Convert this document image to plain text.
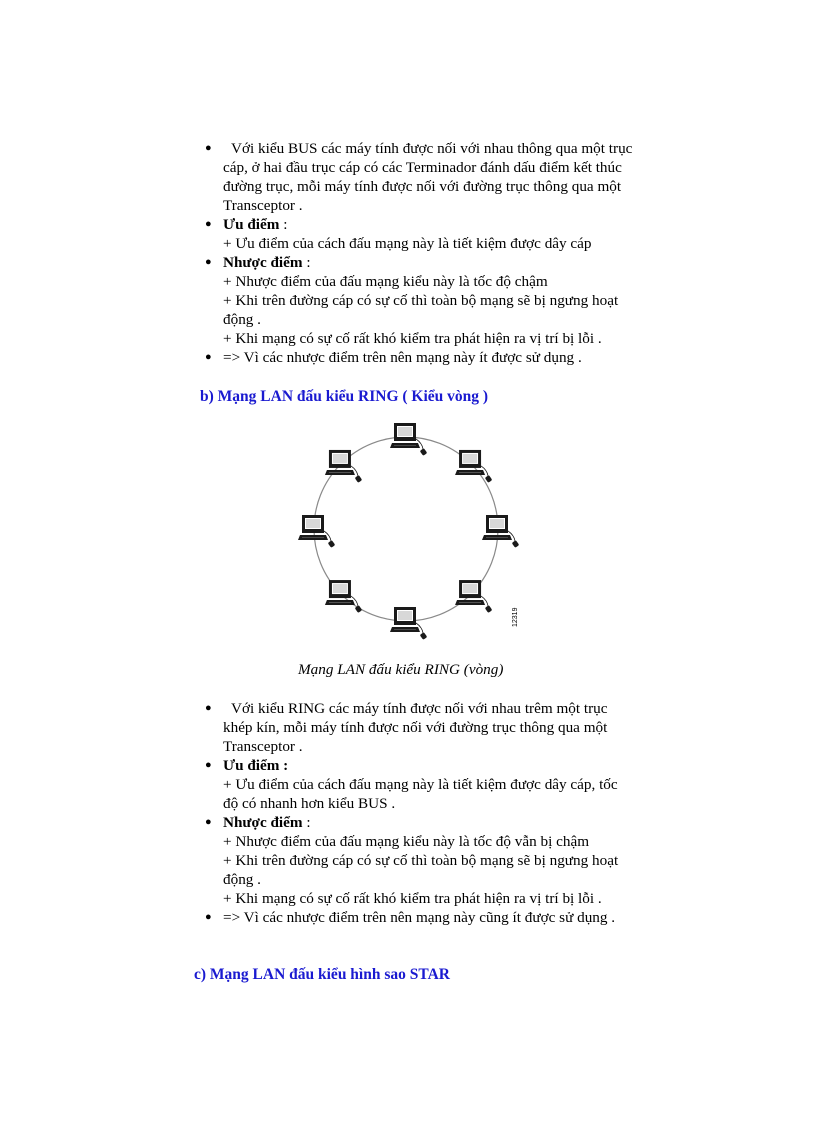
● Với kiểu BUS các máy tính được nối với nhau thông qua một trục cáp, ở hai đầu trục cáp có các Terminador đánh dấu điểm kết thúc đường trục, mỗi máy tính được nối với đường trục thông qua một Transceptor .
● Ưu điểm :
+ Ưu điểm của cách đấu mạng này là tiết kiệm được dây cáp
● Nhược điểm :
+ Nhược điểm của đấu mạng kiểu này là tốc độ chậm
+ Khi trên đường cáp có sự cố thì toàn bộ mạng sẽ bị ngưng hoạt động .
+ Khi mạng có sự cố rất khó kiểm tra phát hiện ra vị trí bị lỗi .
● => Vì các nhược điểm trên nên mạng này ít được sử dụng .
b) Mạng LAN đấu kiểu RING ( Kiểu vòng )
12319
Mạng LAN đấu kiểu RING (vòng)
● Với kiểu RING các máy tính được nối với nhau trêm một trục khép kín, mỗi máy tính được nối với đường trục thông qua một Transceptor .
● Ưu điểm :
+ Ưu điểm của cách đấu mạng này là tiết kiệm được dây cáp, tốc độ có nhanh hơn kiểu BUS .
● Nhược điểm :
+ Nhược điểm của đấu mạng kiểu này là tốc độ vẫn bị chậm
+ Khi trên đường cáp có sự cố thì toàn bộ mạng sẽ bị ngưng hoạt động .
+ Khi mạng có sự cố rất khó kiểm tra phát hiện ra vị trí bị lỗi .
● => Vì các nhược điểm trên nên mạng này cũng ít được sử dụng .
c) Mạng LAN đấu kiểu hình sao STAR
